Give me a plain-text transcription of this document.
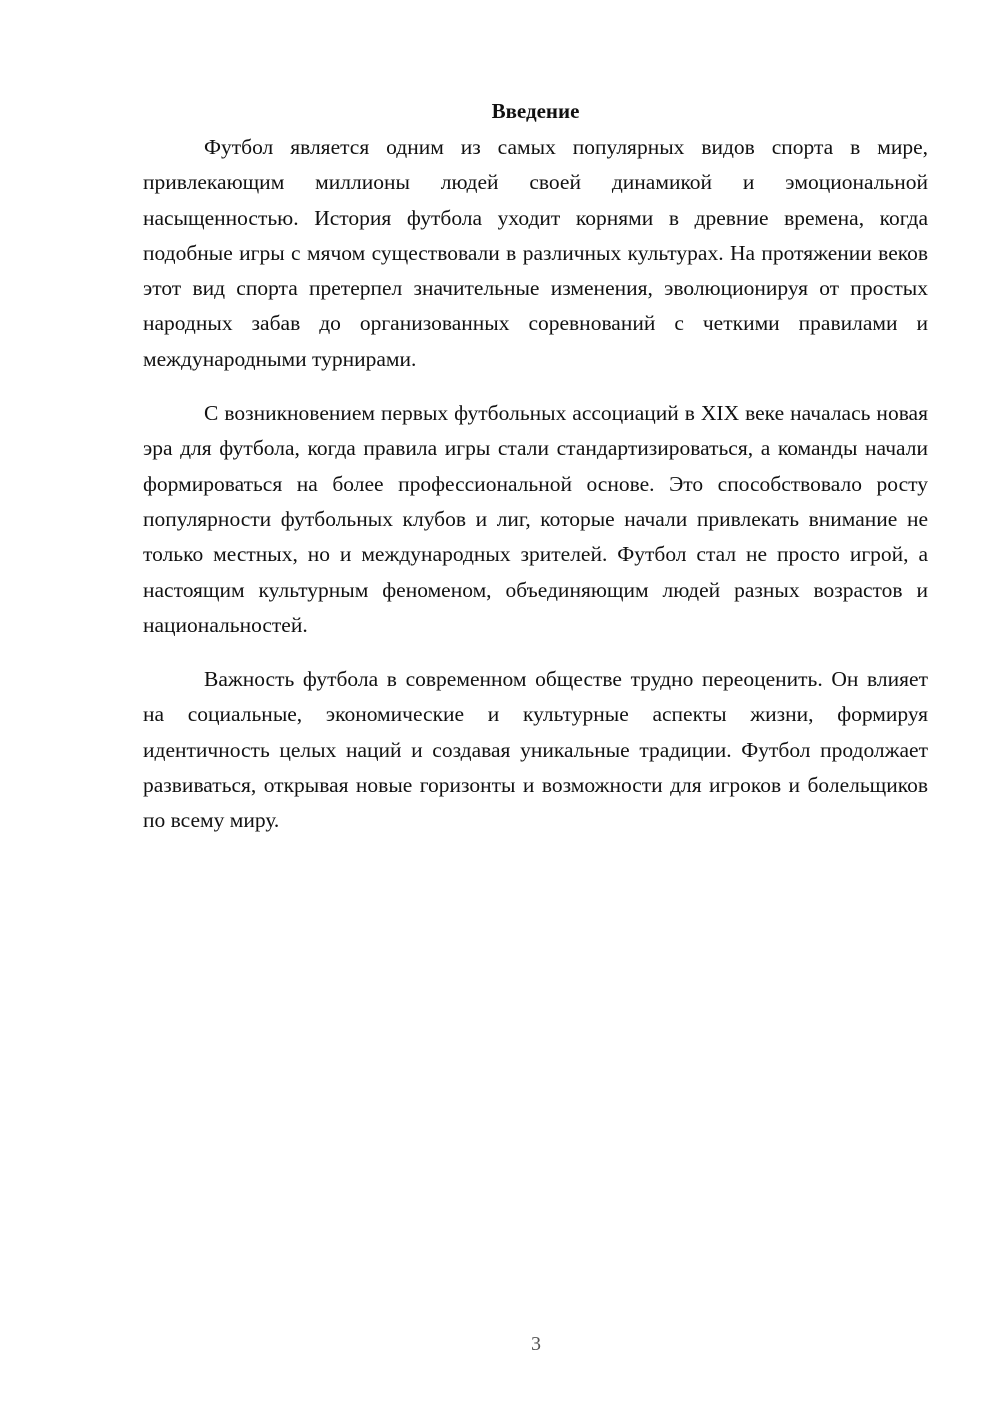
Введение

Футбол является одним из самых популярных видов спорта в мире, привлекающим миллионы людей своей динамикой и эмоциональной насыщенностью. История футбола уходит корнями в древние времена, когда подобные игры с мячом существовали в различных культурах. На протяжении веков этот вид спорта претерпел значительные изменения, эволюционируя от простых народных забав до организованных соревнований с четкими правилами и международными турнирами.

С возникновением первых футбольных ассоциаций в XIX веке началась новая эра для футбола, когда правила игры стали стандартизироваться, а команды начали формироваться на более профессиональной основе. Это способствовало росту популярности футбольных клубов и лиг, которые начали привлекать внимание не только местных, но и международных зрителей. Футбол стал не просто игрой, а настоящим культурным феноменом, объединяющим людей разных возрастов и национальностей.

Важность футбола в современном обществе трудно переоценить. Он влияет на социальные, экономические и культурные аспекты жизни, формируя идентичность целых наций и создавая уникальные традиции. Футбол продолжает развиваться, открывая новые горизонты и возможности для игроков и болельщиков по всему миру.

3
